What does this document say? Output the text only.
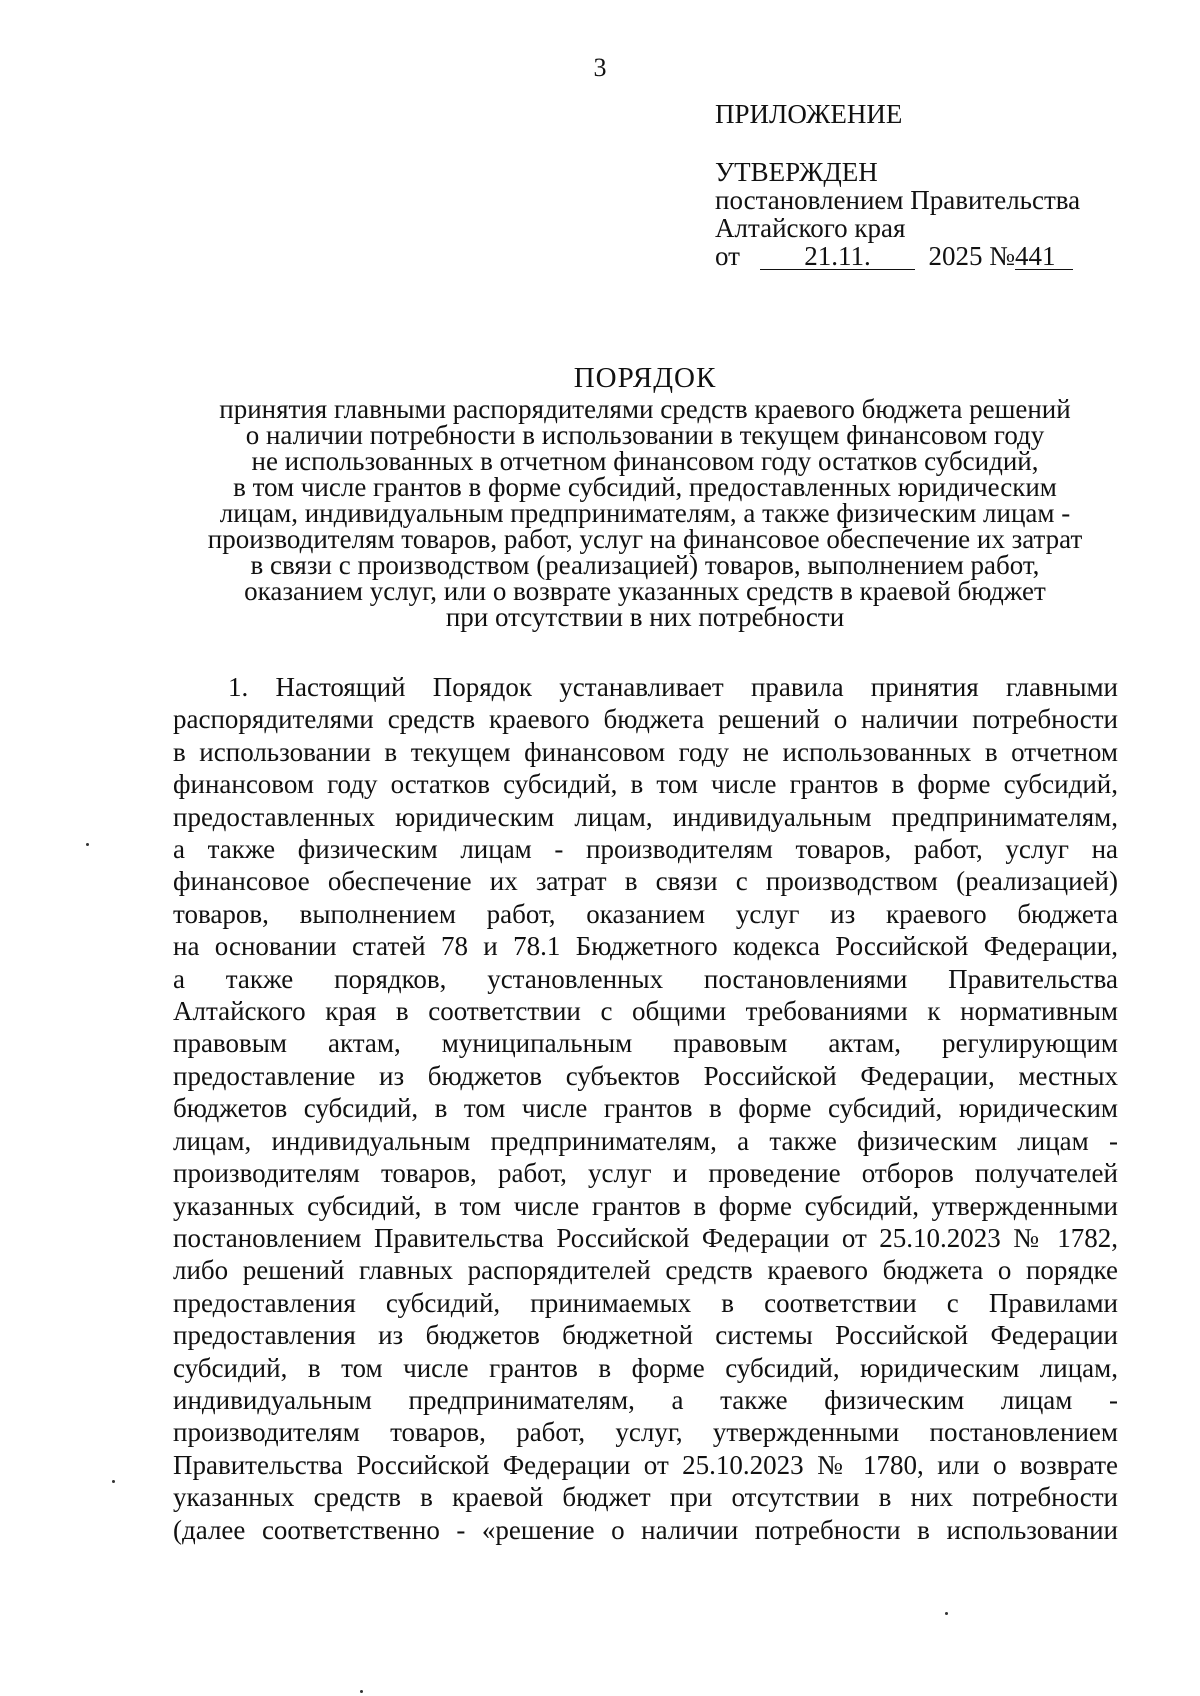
3
ПРИЛОЖЕНИЕ
УТВЕРЖДЕН
постановлением Правительства
Алтайского края
от 21.11. 2025 №441
ПОРЯДОК
принятия главными распорядителями средств краевого бюджета решений
о наличии потребности в использовании в текущем финансовом году
не использованных в отчетном финансовом году остатков субсидий,
в том числе грантов в форме субсидий, предоставленных юридическим
лицам, индивидуальным предпринимателям, а также физическим лицам -
производителям товаров, работ, услуг на финансовое обеспечение их затрат
в связи с производством (реализацией) товаров, выполнением работ,
оказанием услуг, или о возврате указанных средств в краевой бюджет
при отсутствии в них потребности
1. Настоящий Порядок устанавливает правила принятия главными
распорядителями средств краевого бюджета решений о наличии потребности
в использовании в текущем финансовом году не использованных в отчетном
финансовом году остатков субсидий, в том числе грантов в форме субсидий,
предоставленных юридическим лицам, индивидуальным предпринимателям,
а также физическим лицам - производителям товаров, работ, услуг на
финансовое обеспечение их затрат в связи с производством (реализацией)
товаров, выполнением работ, оказанием услуг из краевого бюджета
на основании статей 78 и 78.1 Бюджетного кодекса Российской Федерации,
а также порядков, установленных постановлениями Правительства
Алтайского края в соответствии с общими требованиями к нормативным
правовым актам, муниципальным правовым актам, регулирующим
предоставление из бюджетов субъектов Российской Федерации, местных
бюджетов субсидий, в том числе грантов в форме субсидий, юридическим
лицам, индивидуальным предпринимателям, а также физическим лицам -
производителям товаров, работ, услуг и проведение отборов получателей
указанных субсидий, в том числе грантов в форме субсидий, утвержденными
постановлением Правительства Российской Федерации от 25.10.2023 № 1782,
либо решений главных распорядителей средств краевого бюджета о порядке
предоставления субсидий, принимаемых в соответствии с Правилами
предоставления из бюджетов бюджетной системы Российской Федерации
субсидий, в том числе грантов в форме субсидий, юридическим лицам,
индивидуальным предпринимателям, а также физическим лицам -
производителям товаров, работ, услуг, утвержденными постановлением
Правительства Российской Федерации от 25.10.2023 № 1780, или о возврате
указанных средств в краевой бюджет при отсутствии в них потребности
(далее соответственно - «решение о наличии потребности в использовании
